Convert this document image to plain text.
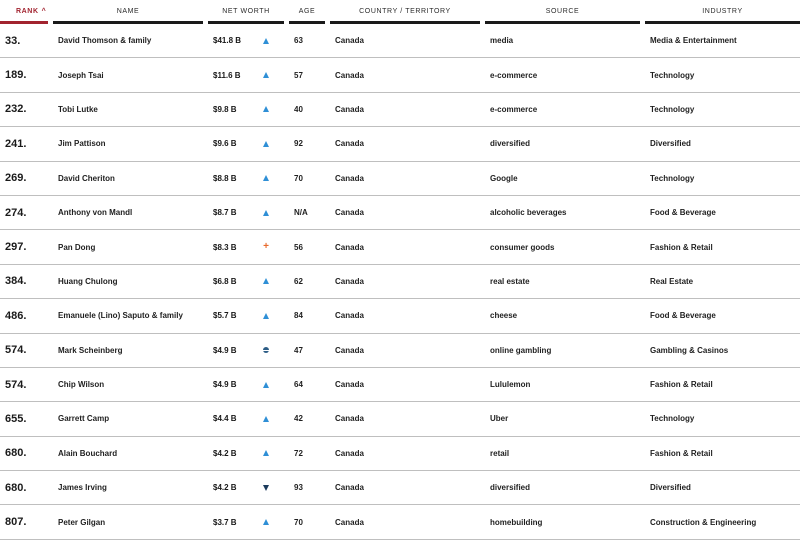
RANK ^	NAME	NET WORTH	AGE	COUNTRY / TERRITORY	SOURCE	INDUSTRY
33.	David Thomson & family	$41.8 B	63	Canada	media	Media & Entertainment
189.	Joseph Tsai	$11.6 B	57	Canada	e-commerce	Technology
232.	Tobi Lutke	$9.8 B	40	Canada	e-commerce	Technology
241.	Jim Pattison	$9.6 B	92	Canada	diversified	Diversified
269.	David Cheriton	$8.8 B	70	Canada	Google	Technology
274.	Anthony von Mandl	$8.7 B	N/A	Canada	alcoholic beverages	Food & Beverage
297.	Pan Dong	$8.3 B	+	56	Canada	consumer goods	Fashion & Retail
384.	Huang Chulong	$6.8 B	62	Canada	real estate	Real Estate
486.	Emanuele (Lino) Saputo & family	$5.7 B	84	Canada	cheese	Food & Beverage
574.	Mark Scheinberg	$4.9 B	47	Canada	online gambling	Gambling & Casinos
574.	Chip Wilson	$4.9 B	64	Canada	Lululemon	Fashion & Retail
655.	Garrett Camp	$4.4 B	42	Canada	Uber	Technology
680.	Alain Bouchard	$4.2 B	72	Canada	retail	Fashion & Retail
680.	James Irving	$4.2 B	93	Canada	diversified	Diversified
807.	Peter Gilgan	$3.7 B	70	Canada	homebuilding	Construction & Engineering
